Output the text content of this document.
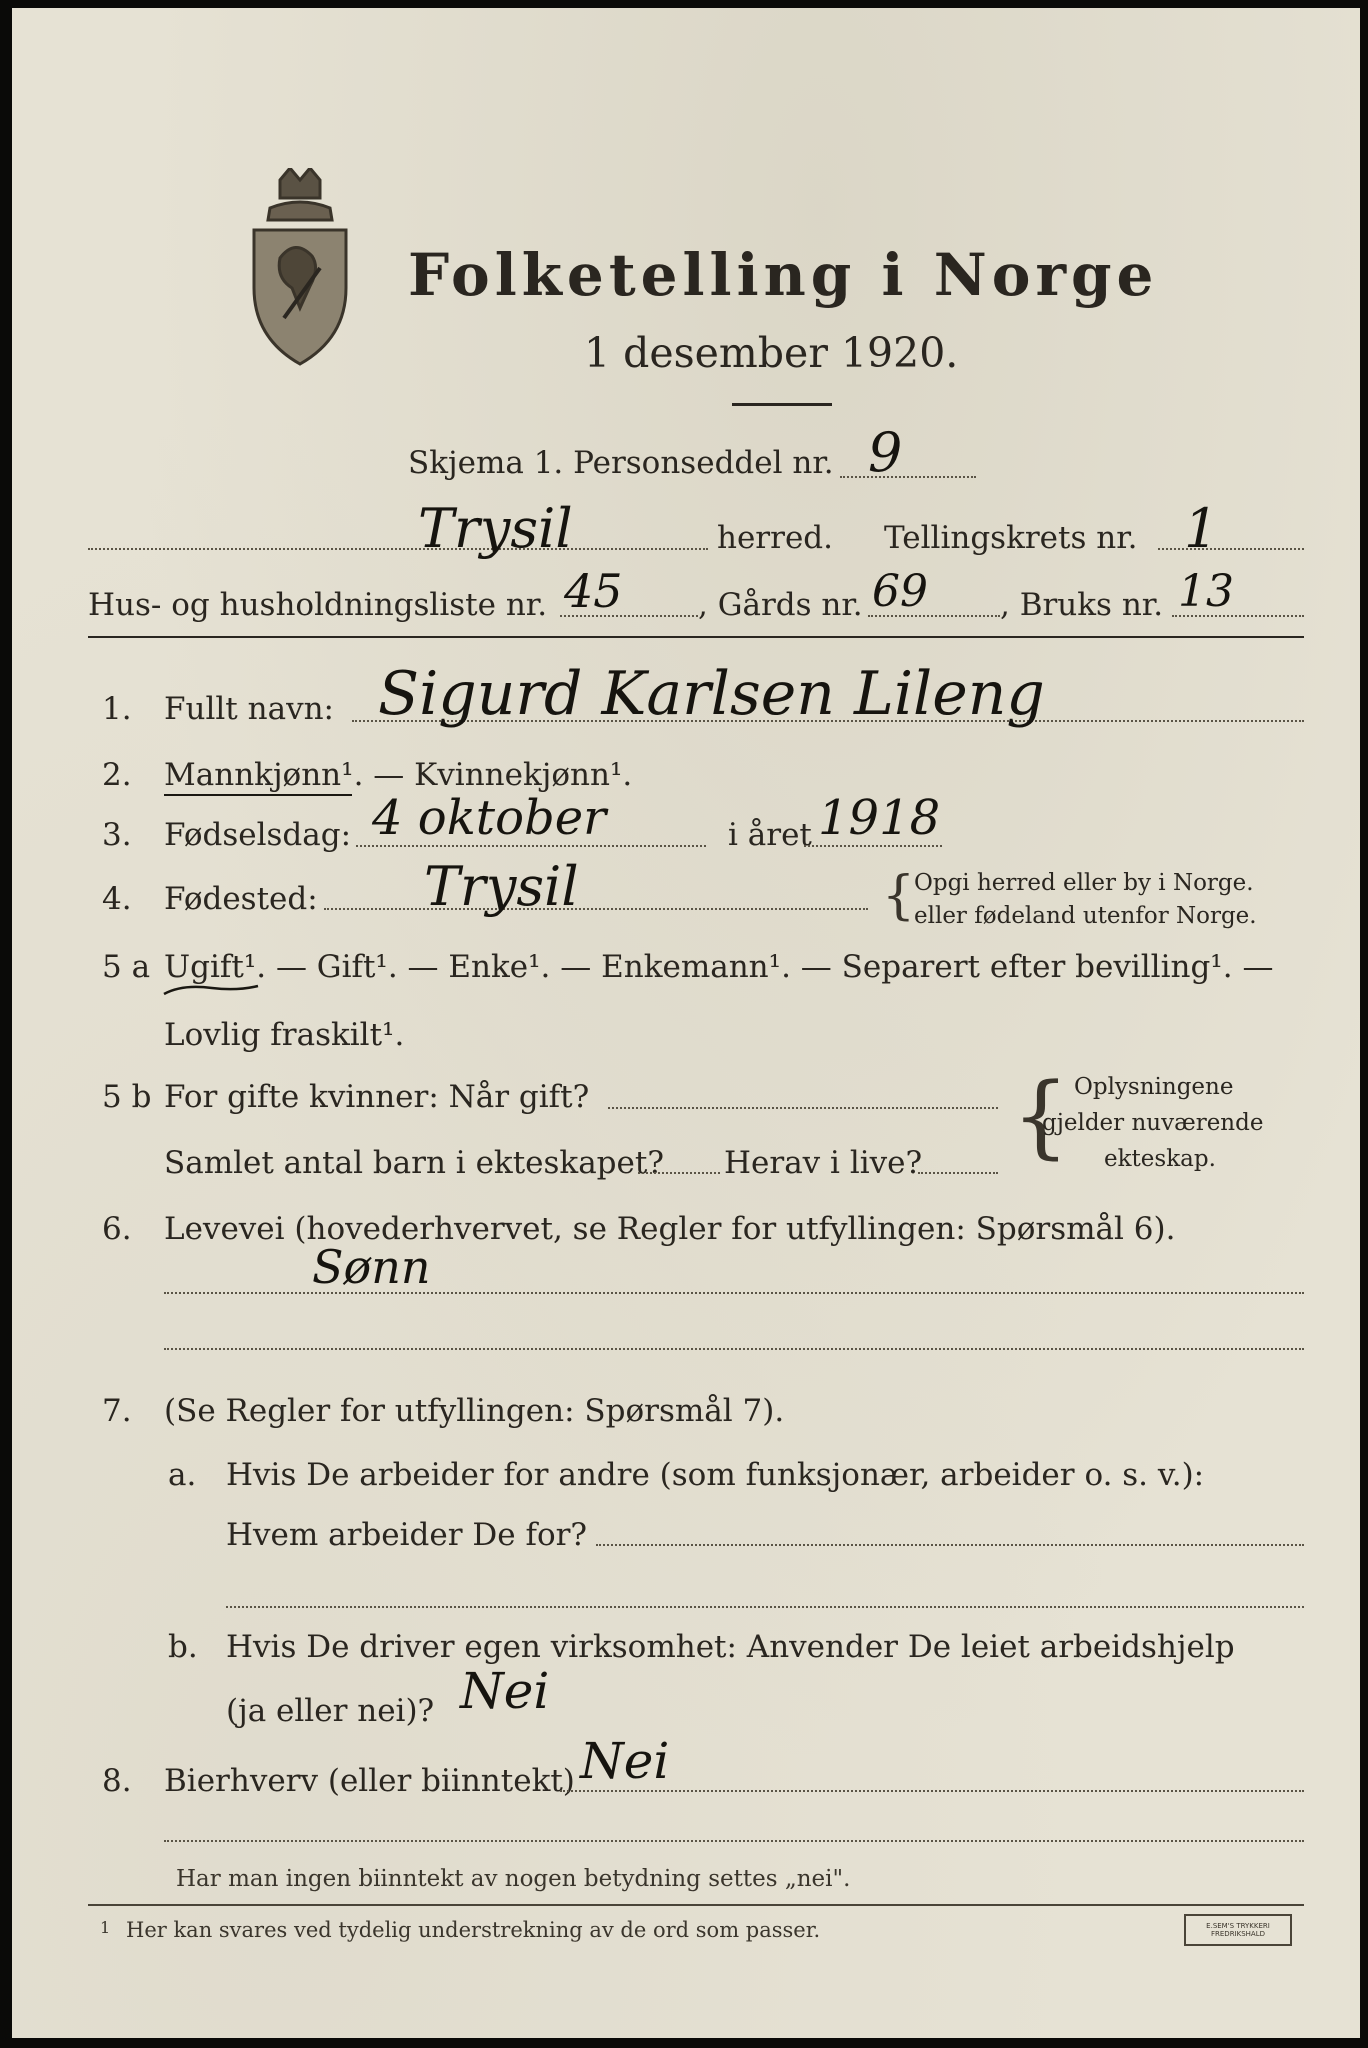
Folketelling i Norge
1 desember 1920.
Skjema 1. Personseddel nr. 9
Trysil	herred. Tellingskrets nr. 1
Hus- og husholdningsliste nr. 45 , Gårds nr. 69 , Bruks nr. 13
1. Fullt navn: Sigurd Karlsen Lileng
2. Mannkjønn¹. — Kvinnekjønn¹.
3. Fødselsdag: 4 oktober	i året 1918
4. Fødested: Trysil	{
Opgi herred eller by i Norge.
eller fødeland utenfor Norge.
5 a Ugift¹. — Gift¹. — Enke¹. — Enkemann¹. — Separert efter bevilling¹. —
Lovlig fraskilt¹.
5 b For gifte kvinner: Når gift?
Samlet antal barn i ekteskapet? Herav i live? { Oplysningene
gjelder nuværende
ekteskap.
6. Levevei (hovederhvervet, se Regler for utfyllingen: Spørsmål 6).
Sønn
7. (Se Regler for utfyllingen: Spørsmål 7).
a. Hvis De arbeider for andre (som funksjonær, arbeider o. s. v.):
Hvem arbeider De for?
b. Hvis De driver egen virksomhet: Anvender De leiet arbeidshjelp
(ja eller nei)? Nei
8. Bierhverv (eller biinntekt) Nei
Har man ingen biinntekt av nogen betydning settes „nei".
1 Her kan svares ved tydelig understrekning av de ord som passer.	E.SEM'S TRYKKERI
FREDRIKSHALD
